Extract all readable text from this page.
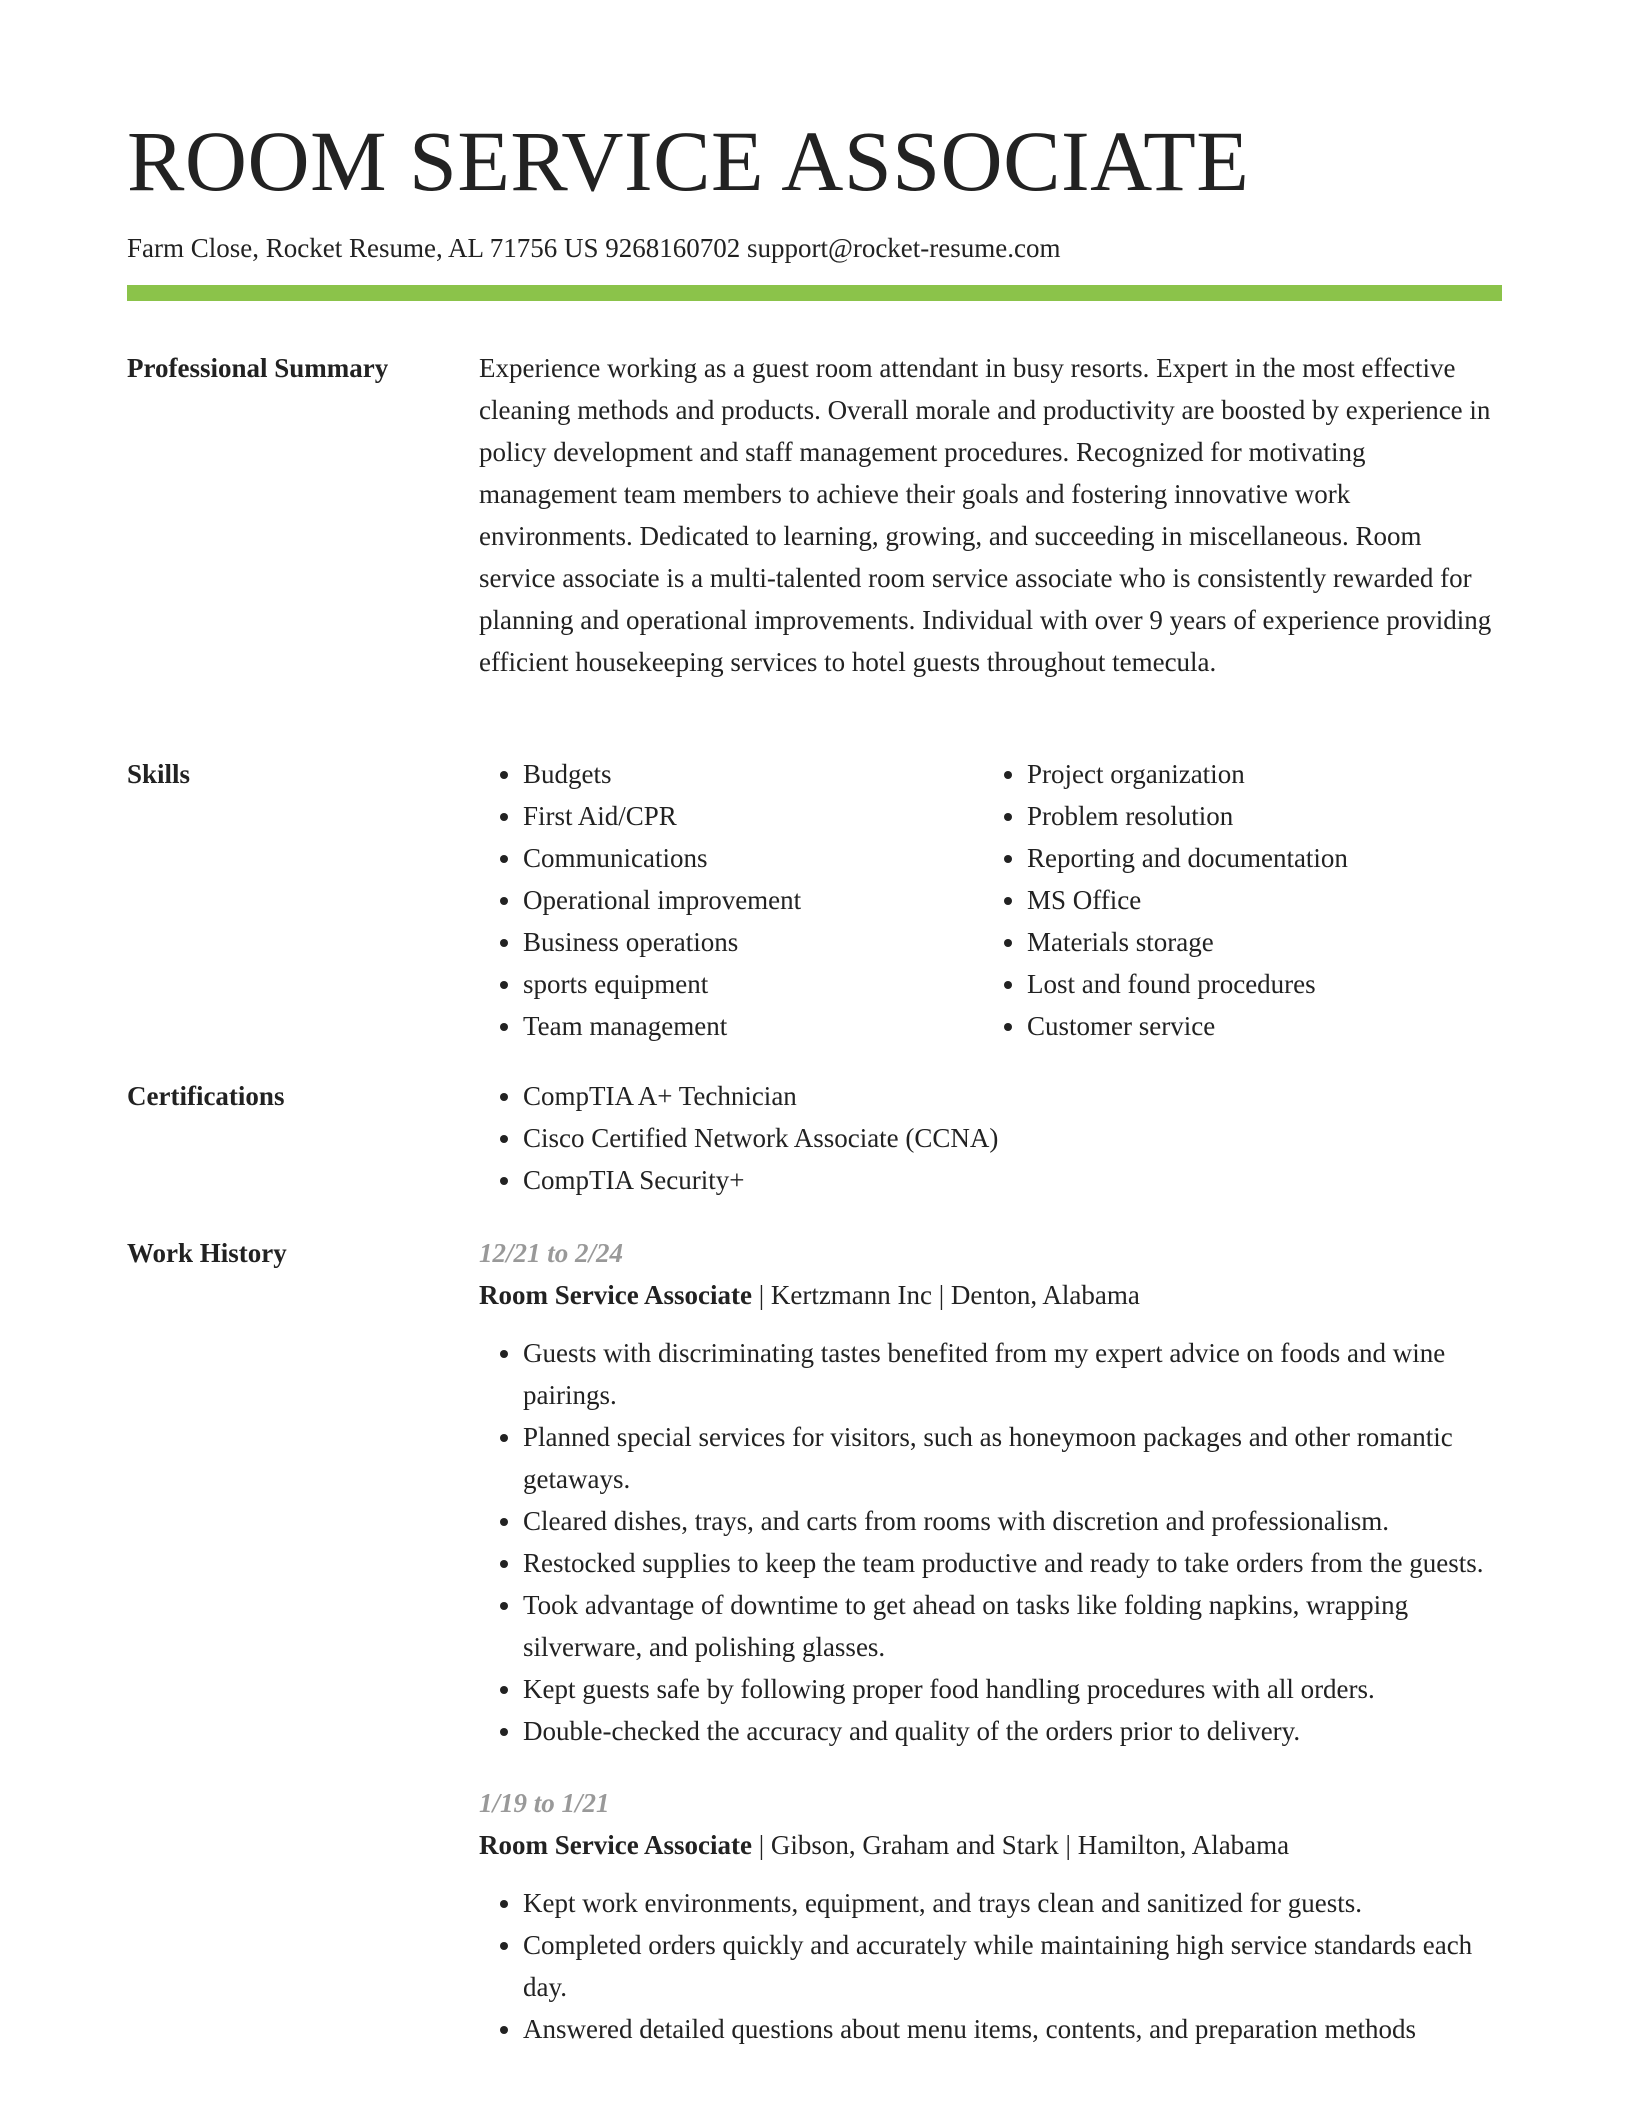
ROOM SERVICE ASSOCIATE
Farm Close, Rocket Resume, AL 71756 US 9268160702 support@rocket-resume.com
Professional Summary	Experience working as a guest room attendant in busy resorts. Expert in the most effective cleaning methods and products. Overall morale and productivity are boosted by experience in policy development and staff management procedures. Recognized for motivating management team members to achieve their goals and fostering innovative work environments. Dedicated to learning, growing, and succeeding in miscellaneous. Room service associate is a multi-talented room service associate who is consistently rewarded for planning and operational improvements. Individual with over 9 years of experience providing efficient housekeeping services to hotel guests throughout temecula.

Skills	• Budgets
• First Aid/CPR
• Communications
• Operational improvement
• Business operations
• sports equipment
• Team management
• Project organization
• Problem resolution
• Reporting and documentation
• MS Office
• Materials storage
• Lost and found procedures
• Customer service
Certifications	• CompTIA A+ Technician
• Cisco Certified Network Associate (CCNA)
• CompTIA Security+
Work History	12/21 to 2/24
Room Service Associate | Kertzmann Inc | Denton, Alabama
• Guests with discriminating tastes benefited from my expert advice on foods and wine pairings.
• Planned special services for visitors, such as honeymoon packages and other romantic getaways.
• Cleared dishes, trays, and carts from rooms with discretion and professionalism.
• Restocked supplies to keep the team productive and ready to take orders from the guests.
• Took advantage of downtime to get ahead on tasks like folding napkins, wrapping silverware, and polishing glasses.
• Kept guests safe by following proper food handling procedures with all orders.
• Double-checked the accuracy and quality of the orders prior to delivery.
1/19 to 1/21
Room Service Associate | Gibson, Graham and Stark | Hamilton, Alabama
• Kept work environments, equipment, and trays clean and sanitized for guests.
• Completed orders quickly and accurately while maintaining high service standards each day.
• Answered detailed questions about menu items, contents, and preparation methods
